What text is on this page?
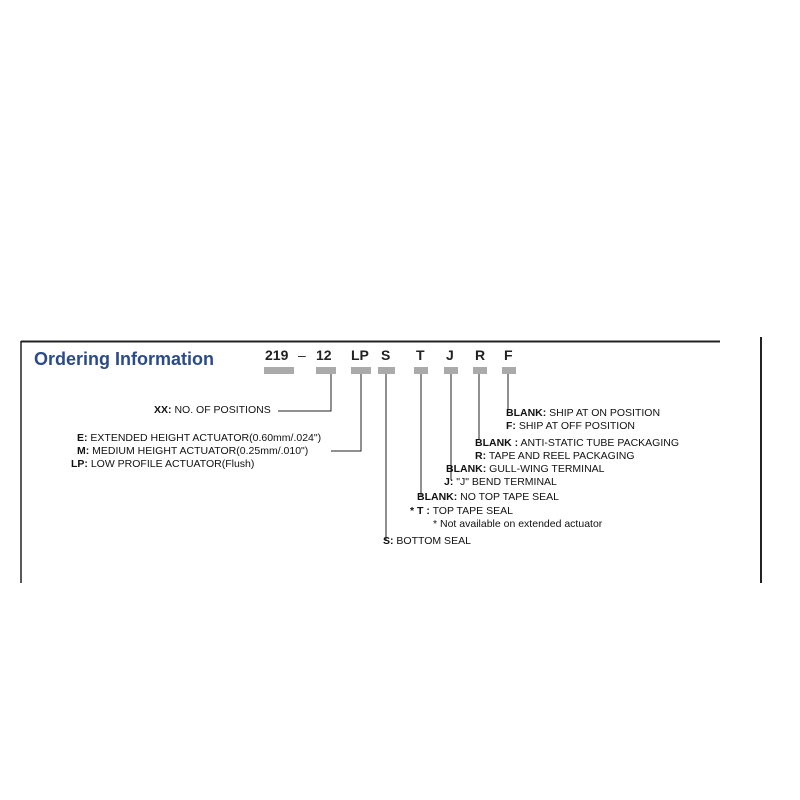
Ordering Information	219 – 12 LP S T J R F
XX: NO. OF POSITIONS
E: EXTENDED HEIGHT ACTUATOR(0.60mm/.024")
M: MEDIUM HEIGHT ACTUATOR(0.25mm/.010")
LP: LOW PROFILE ACTUATOR(Flush)
S: BOTTOM SEAL
BLANK: NO TOP TAPE SEAL
* T : TOP TAPE SEAL
* Not available on extended actuator
BLANK: GULL-WING TERMINAL
J: "J" BEND TERMINAL
BLANK : ANTI-STATIC TUBE PACKAGING
R: TAPE AND REEL PACKAGING
BLANK: SHIP AT ON POSITION
F: SHIP AT OFF POSITION
